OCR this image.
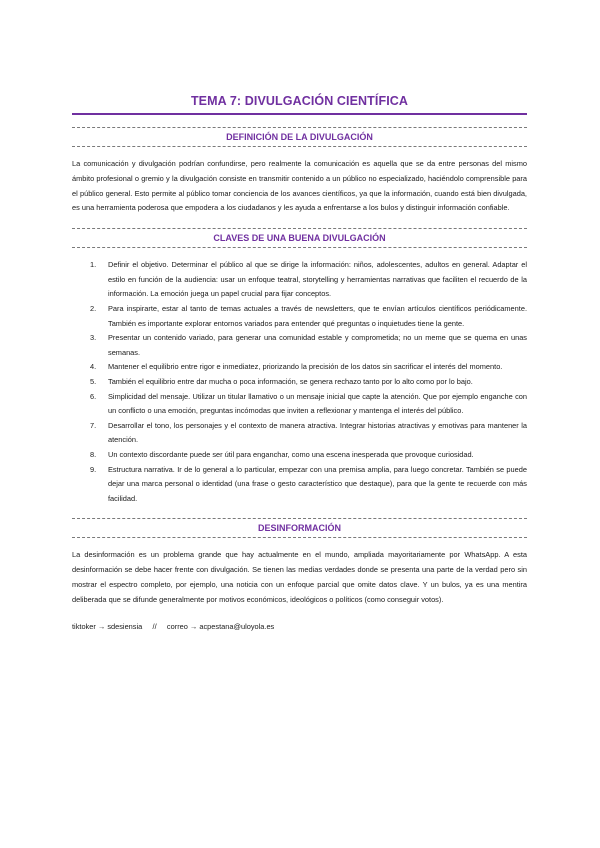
TEMA 7: DIVULGACIÓN CIENTÍFICA
DEFINICIÓN DE LA DIVULGACIÓN

La comunicación y divulgación podrían confundirse, pero realmente la comunicación es aquella que se da entre personas del mismo ámbito profesional o gremio y la divulgación consiste en transmitir contenido a un público no especializado, haciéndolo comprensible para el público general. Esto permite al público tomar conciencia de los avances científicos, ya que la información, cuando está bien divulgada, es una herramienta poderosa que empodera a los ciudadanos y les ayuda a enfrentarse a los bulos y distinguir información confiable.

CLAVES DE UNA BUENA DIVULGACIÓN
1. Definir el objetivo. Determinar el público al que se dirige la información: niños, adolescentes, adultos en general. Adaptar el estilo en función de la audiencia: usar un enfoque teatral, storytelling y herramientas narrativas que faciliten el recuerdo de la información. La emoción juega un papel crucial para fijar conceptos.
2. Para inspirarte, estar al tanto de temas actuales a través de newsletters, que te envían artículos científicos periódicamente. También es importante explorar entornos variados para entender qué preguntas o inquietudes tiene la gente.
3. Presentar un contenido variado, para generar una comunidad estable y comprometida; no un meme que se quema en unas semanas.
4. Mantener el equilibrio entre rigor e inmediatez, priorizando la precisión de los datos sin sacrificar el interés del momento.
5. También el equilibrio entre dar mucha o poca información, se genera rechazo tanto por lo alto como por lo bajo.
6. Simplicidad del mensaje. Utilizar un titular llamativo o un mensaje inicial que capte la atención. Que por ejemplo enganche con un conflicto o una emoción, preguntas incómodas que inviten a reflexionar y mantenga el interés del público.
7. Desarrollar el tono, los personajes y el contexto de manera atractiva. Integrar historias atractivas y emotivas para mantener la atención.
8. Un contexto discordante puede ser útil para enganchar, como una escena inesperada que provoque curiosidad.
9. Estructura narrativa. Ir de lo general a lo particular, empezar con una premisa amplia, para luego concretar. También se puede dejar una marca personal o identidad (una frase o gesto característico que destaque), para que la gente te recuerde con más facilidad.
DESINFORMACIÓN

La desinformación es un problema grande que hay actualmente en el mundo, ampliada mayoritariamente por WhatsApp. A esta desinformación se debe hacer frente con divulgación. Se tienen las medias verdades donde se presenta una parte de la verdad pero sin mostrar el espectro completo, por ejemplo, una noticia con un enfoque parcial que omite datos clave. Y un bulos, ya es una mentira deliberada que se difunde generalmente por motivos económicos, ideológicos o políticos (como conseguir votos).

tiktoker → sdesiensia // correo → acpestana@uloyola.es
